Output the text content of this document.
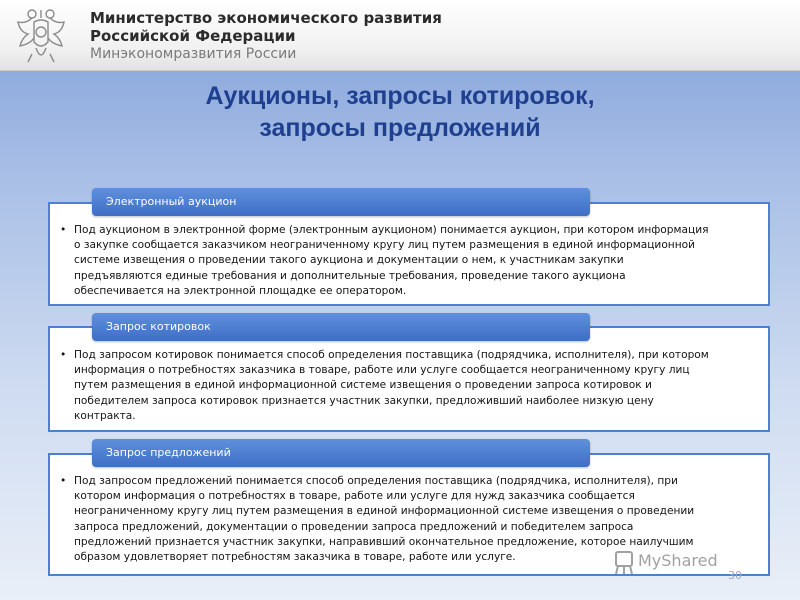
Министерство экономического развития
Российской Федерации
Минэкономразвития России
Аукционы, запросы котировок,
запросы предложений
Электронный аукцион
• Под аукционом в электронной форме (электронным аукционом) понимается аукцион, при котором информация о закупке сообщается заказчиком неограниченному кругу лиц путем размещения в единой информационной системе извещения о проведении такого аукциона и документации о нем, к участникам закупки предъявляются единые требования и дополнительные требования, проведение такого аукциона обеспечивается на электронной площадке ее оператором.
Запрос котировок
• Под запросом котировок понимается способ определения поставщика (подрядчика, исполнителя), при котором информация о потребностях заказчика в товаре, работе или услуге сообщается неограниченному кругу лиц путем размещения в единой информационной системе извещения о проведении запроса котировок и победителем запроса котировок признается участник закупки, предложивший наиболее низкую цену контракта.
Запрос предложений
• Под запросом предложений понимается способ определения поставщика (подрядчика, исполнителя), при котором информация о потребностях в товаре, работе или услуге для нужд заказчика сообщается неограниченному кругу лиц путем размещения в единой информационной системе извещения о проведении запроса предложений, документации о проведении запроса предложений и победителем запроса предложений признается участник закупки, направивший окончательное предложение, которое наилучшим образом удовлетворяет потребностям заказчика в товаре, работе или услуге.	MyShared
30
